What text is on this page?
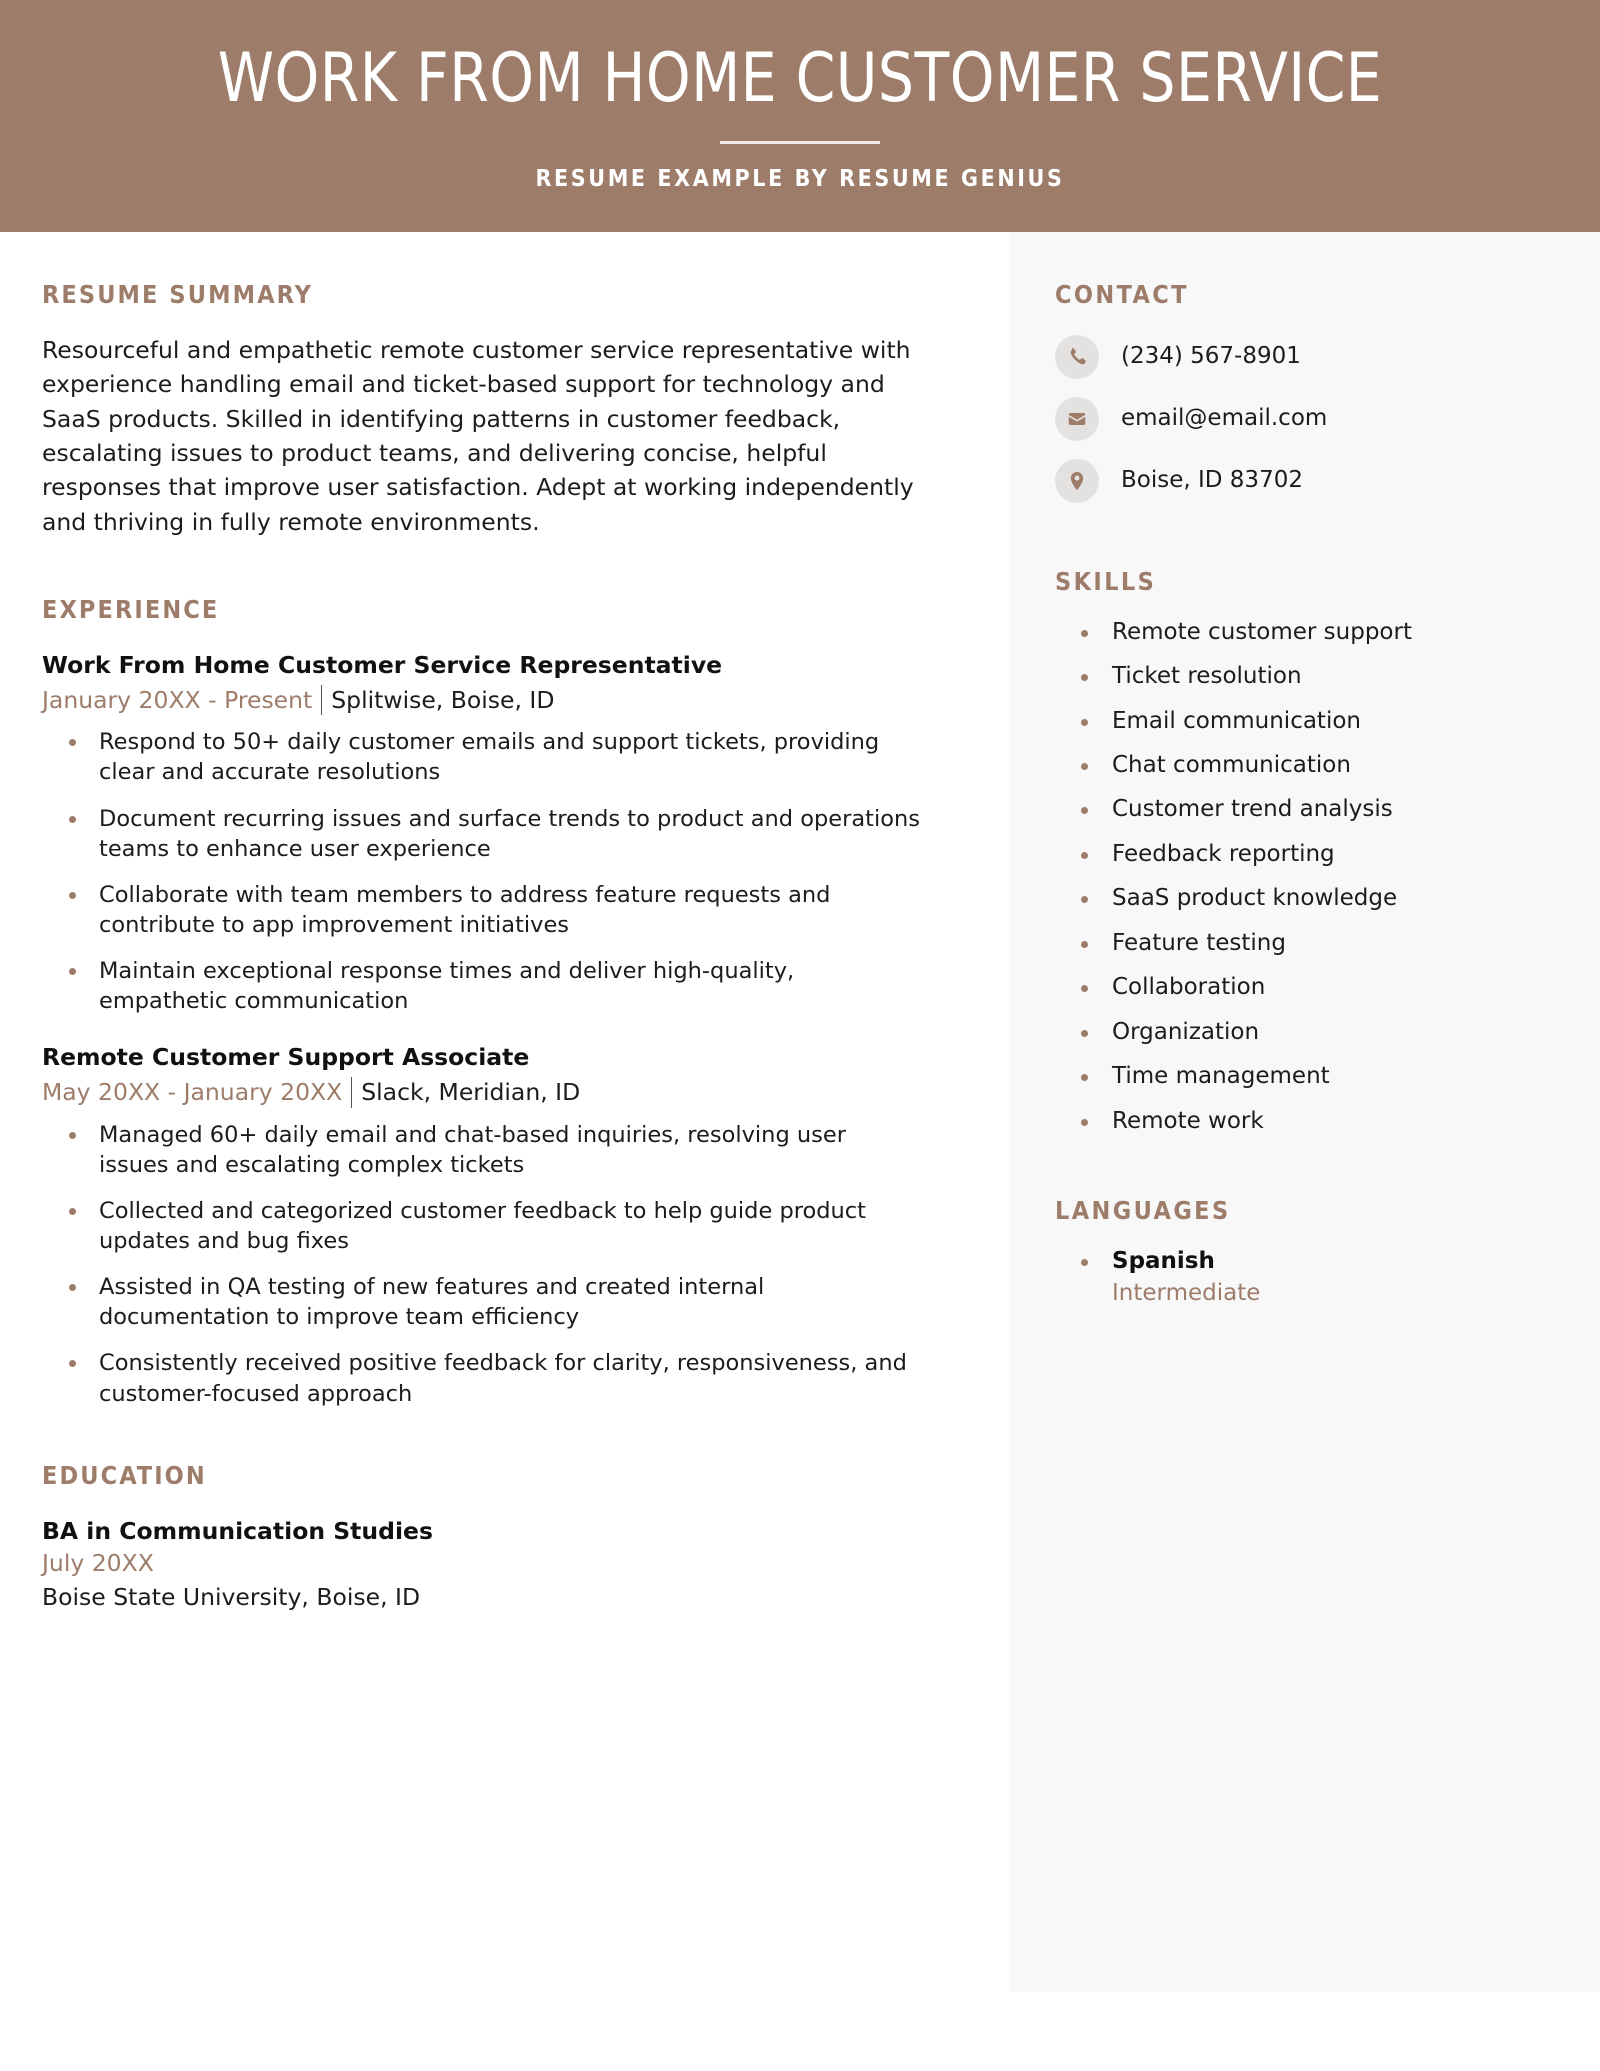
WORK FROM HOME CUSTOMER SERVICE
RESUME EXAMPLE BY RESUME GENIUS
RESUME SUMMARY
Resourceful and empathetic remote customer service representative with experience handling email and ticket-based support for technology and SaaS products. Skilled in identifying patterns in customer feedback, escalating issues to product teams, and delivering concise, helpful responses that improve user satisfaction. Adept at working independently and thriving in fully remote environments.
EXPERIENCE
Work From Home Customer Service Representative
January 20XX - Present Splitwise, Boise, ID
Respond to 50+ daily customer emails and support tickets, providing clear and accurate resolutions
Document recurring issues and surface trends to product and operations teams to enhance user experience
Collaborate with team members to address feature requests and contribute to app improvement initiatives
Maintain exceptional response times and deliver high-quality, empathetic communication
Remote Customer Support Associate
May 20XX - January 20XX Slack, Meridian, ID
Managed 60+ daily email and chat-based inquiries, resolving user issues and escalating complex tickets
Collected and categorized customer feedback to help guide product updates and bug fixes
Assisted in QA testing of new features and created internal documentation to improve team efficiency
Consistently received positive feedback for clarity, responsiveness, and customer-focused approach
EDUCATION
BA in Communication Studies
July 20XX
Boise State University, Boise, ID
CONTACT
(234) 567-8901
email@email.com
Boise, ID 83702
SKILLS
Remote customer support
Ticket resolution
Email communication
Chat communication
Customer trend analysis
Feedback reporting
SaaS product knowledge
Feature testing
Collaboration
Organization
Time management
Remote work
LANGUAGES
Spanish
Intermediate
